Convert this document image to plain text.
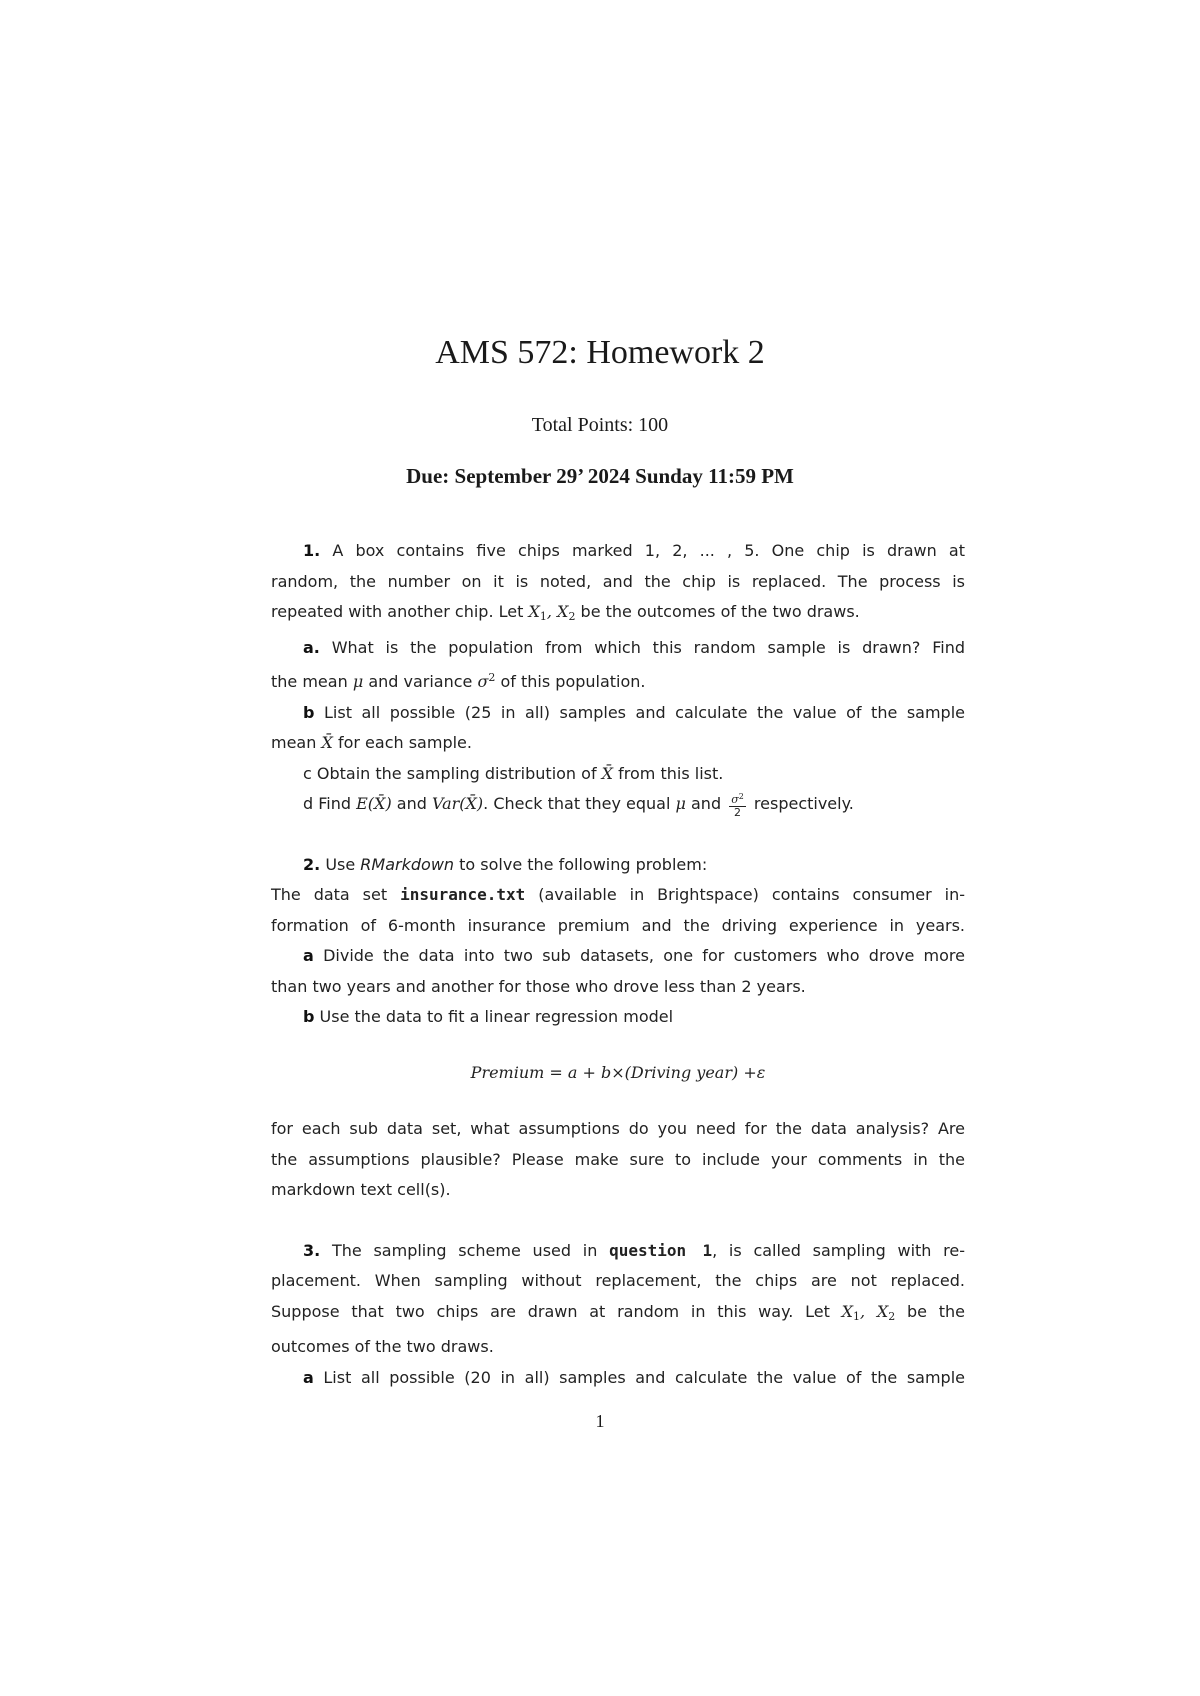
AMS 572: Homework 2
Total Points: 100
Due: September 29’ 2024 Sunday 11:59 PM
1. A box contains five chips marked 1, 2, ... , 5. One chip is drawn at
random, the number on it is noted, and the chip is replaced. The process is
repeated with another chip. Let $X_1$, $X_2$ be the outcomes of the two draws.
a. What is the population from which this random sample is drawn? Find
the mean μ and variance $\sigma^2$ of this population.
b List all possible (25 in all) samples and calculate the value of the sample
mean X̄ for each sample.
c Obtain the sampling distribution of X̄ from this list.
d Find E(X̄) and Var(X̄). Check that they equal μ and $\frac{\sigma^2}{2}$ respectively.
2. Use RMarkdown to solve the following problem:
The data set insurance.txt (available in Brightspace) contains consumer in-
formation of 6-month insurance premium and the driving experience in years.
a Divide the data into two sub datasets, one for customers who drove more
than two years and another for those who drove less than 2 years.
b Use the data to fit a linear regression model
Premium = a + b×(Driving year) +ε
for each sub data set, what assumptions do you need for the data analysis? Are
the assumptions plausible? Please make sure to include your comments in the
markdown text cell(s).
3. The sampling scheme used in question 1, is called sampling with re-
placement. When sampling without replacement, the chips are not replaced.
Suppose that two chips are drawn at random in this way. Let $X_1$, $X_2$ be the
outcomes of the two draws.
a List all possible (20 in all) samples and calculate the value of the sample
1
